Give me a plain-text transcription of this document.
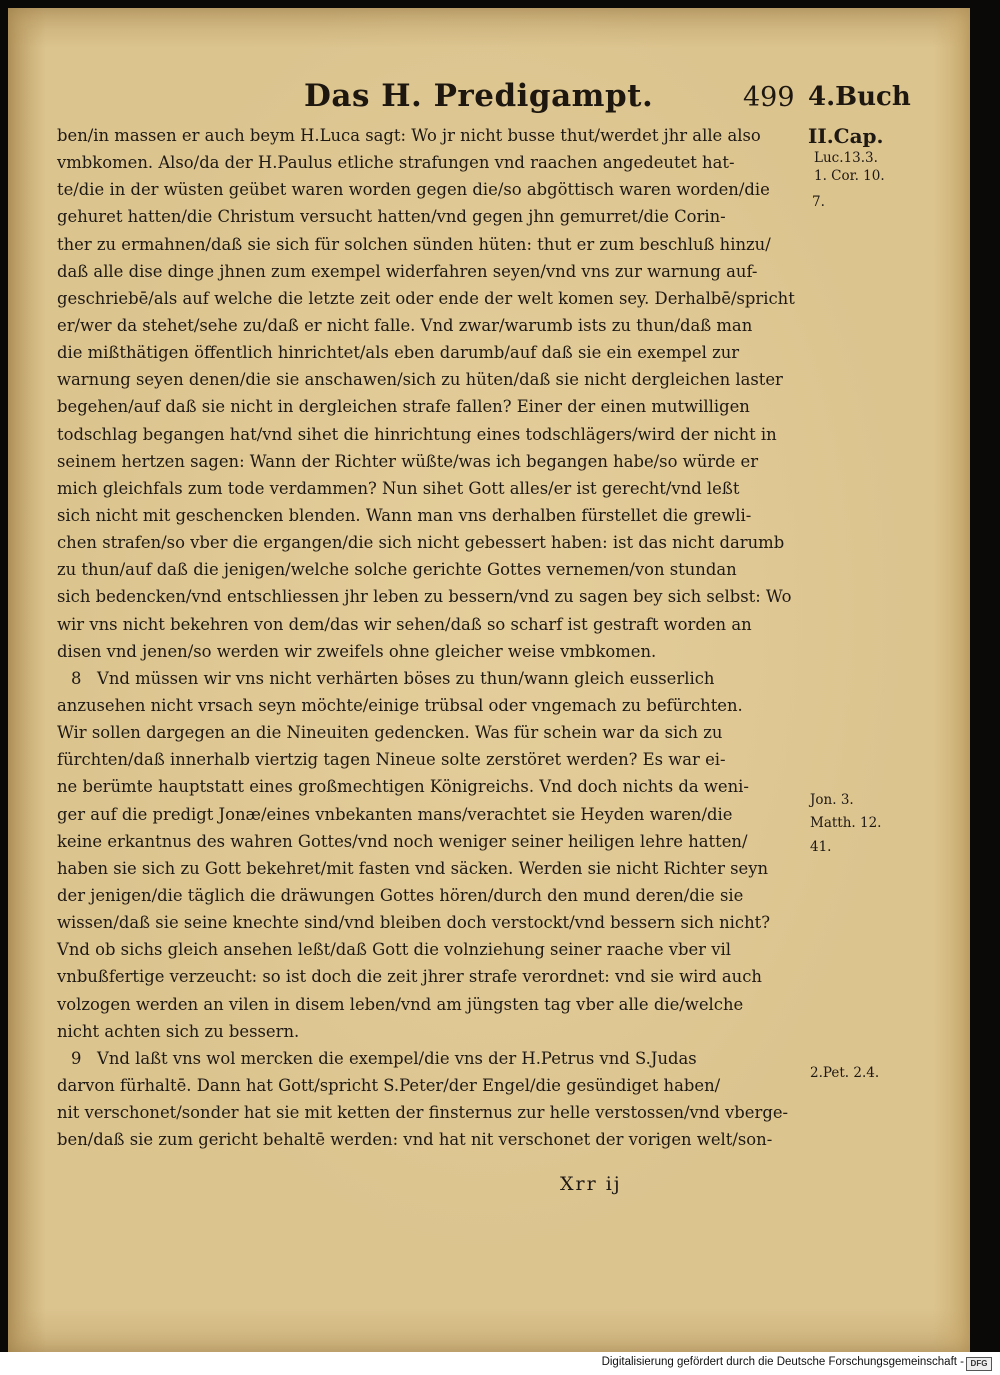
Das H. Predigampt.	499 4.Buch
ben/in massen er auch beym H.Luca sagt: Wo jr nicht busse thut/werdet jhr alle also
vmbkomen. Also/da der H.Paulus etliche strafungen vnd raachen angedeutet hat-
te/die in der wüsten geübet waren worden gegen die/so abgöttisch waren worden/die
gehuret hatten/die Christum versucht hatten/vnd gegen jhn gemurret/die Corin-
ther zu ermahnen/daß sie sich für solchen sünden hüten: thut er zum beschluß hinzu/
daß alle dise dinge jhnen zum exempel widerfahren seyen/vnd vns zur warnung auf-
geschriebē/als auf welche die letzte zeit oder ende der welt komen sey. Derhalbē/spricht
er/wer da stehet/sehe zu/daß er nicht falle. Vnd zwar/warumb ists zu thun/daß man
die mißthätigen öffentlich hinrichtet/als eben darumb/auf daß sie ein exempel zur
warnung seyen denen/die sie anschawen/sich zu hüten/daß sie nicht dergleichen laster
begehen/auf daß sie nicht in dergleichen strafe fallen? Einer der einen mutwilligen
todschlag begangen hat/vnd sihet die hinrichtung eines todschlägers/wird der nicht in
seinem hertzen sagen: Wann der Richter wüßte/was ich begangen habe/so würde er
mich gleichfals zum tode verdammen? Nun sihet Gott alles/er ist gerecht/vnd leßt
sich nicht mit geschencken blenden. Wann man vns derhalben fürstellet die grewli-
chen strafen/so vber die ergangen/die sich nicht gebessert haben: ist das nicht darumb
zu thun/auf daß die jenigen/welche solche gerichte Gottes vernemen/von stundan
sich bedencken/vnd entschliessen jhr leben zu bessern/vnd zu sagen bey sich selbst: Wo
wir vns nicht bekehren von dem/das wir sehen/daß so scharf ist gestraft worden an
disen vnd jenen/so werden wir zweifels ohne gleicher weise vmbkomen.
8 Vnd müssen wir vns nicht verhärten böses zu thun/wann gleich eusserlich
anzusehen nicht vrsach seyn möchte/einige trübsal oder vngemach zu befürchten.
Wir sollen dargegen an die Nineuiten gedencken. Was für schein war da sich zu
fürchten/daß innerhalb viertzig tagen Nineue solte zerstöret werden? Es war ei-
ne berümte hauptstatt eines großmechtigen Königreichs. Vnd doch nichts da weni-
ger auf die predigt Jonæ/eines vnbekanten mans/verachtet sie Heyden waren/die
keine erkantnus des wahren Gottes/vnd noch weniger seiner heiligen lehre hatten/
haben sie sich zu Gott bekehret/mit fasten vnd säcken. Werden sie nicht Richter seyn
der jenigen/die täglich die dräwungen Gottes hören/durch den mund deren/die sie
wissen/daß sie seine knechte sind/vnd bleiben doch verstockt/vnd bessern sich nicht?
Vnd ob sichs gleich ansehen leßt/daß Gott die volnziehung seiner raache vber vil
vnbußfertige verzeucht: so ist doch die zeit jhrer strafe verordnet: vnd sie wird auch
volzogen werden an vilen in disem leben/vnd am jüngsten tag vber alle die/welche
nicht achten sich zu bessern.
9 Vnd laßt vns wol mercken die exempel/die vns der H.Petrus vnd S.Judas
darvon fürhaltē. Dann hat Gott/spricht S.Peter/der Engel/die gesündiget haben/
nit verschonet/sonder hat sie mit ketten der finsternus zur helle verstossen/vnd vberge-
ben/daß sie zum gericht behaltē werden: vnd hat nit verschonet der vorigen welt/son-
II.Cap.
Luc.13.3.
1. Cor. 10.
7.
Jon. 3.
Matth. 12.
41.
2.Pet. 2.4.
Xrr ij
Digitalisierung gefördert durch die Deutsche Forschungsgemeinschaft - DFG
